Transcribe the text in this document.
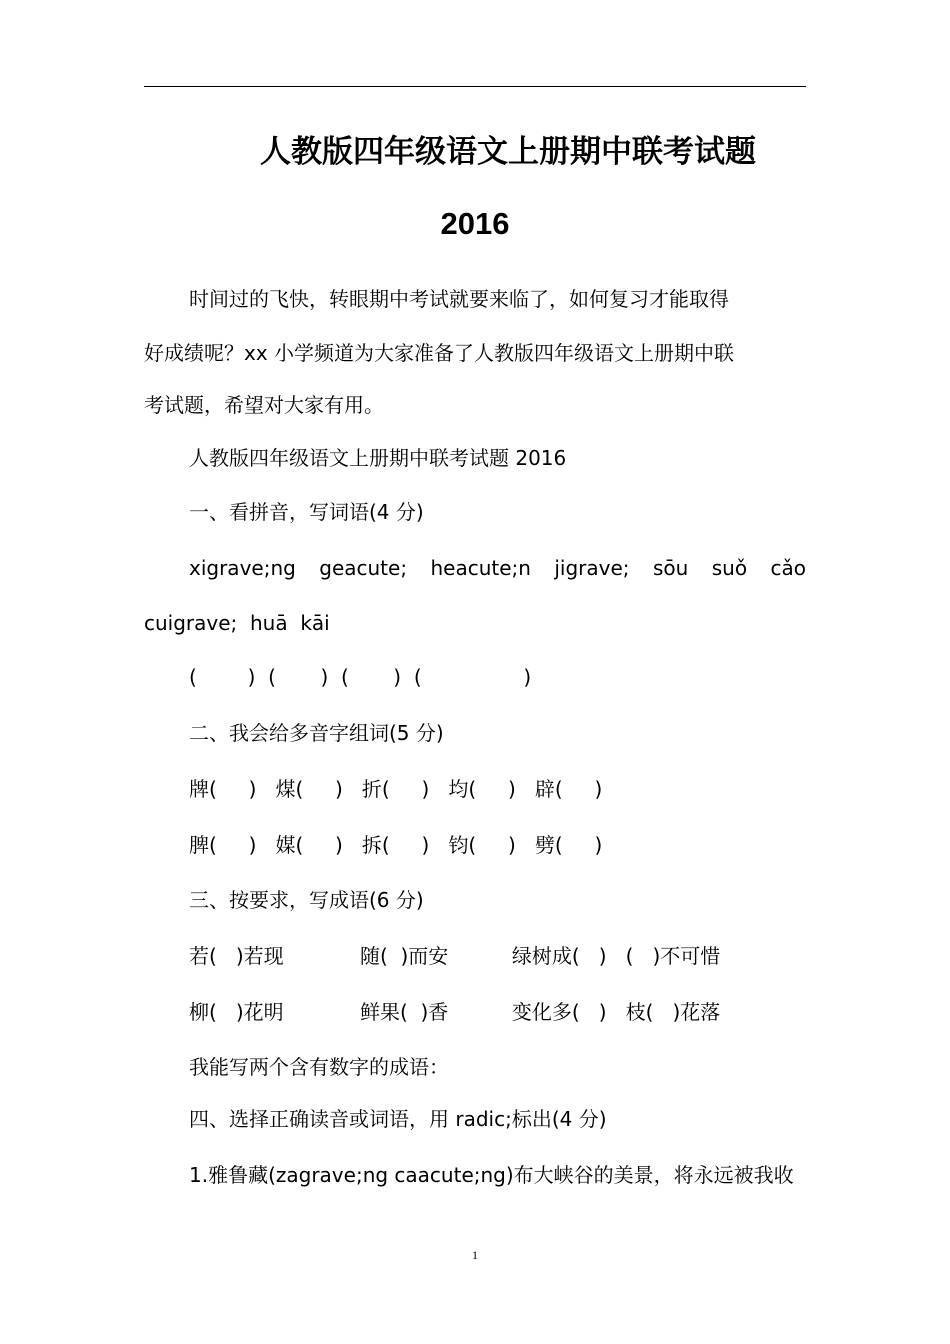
人教版四年级语文上册期中联考试题
2016
时间过的飞快，转眼期中考试就要来临了，如何复习才能取得
好成绩呢？xx 小学频道为大家准备了人教版四年级语文上册期中联
考试题，希望对大家有用。
人教版四年级语文上册期中联考试题 2016
一、看拼音，写词语(4 分)
xigrave;ng geacute; heacute;n jigrave; sōu suǒ cǎo
cuigrave;  huā  kāi
(        )  (       )  (       )  (                )
二、我会给多音字组词(5 分)
牌(     )   煤(     )   折(     )   均(     )   辟(     )
脾(     )   媒(     )   拆(     )   钧(     )   劈(     )
三、按要求，写成语(6 分)
若(   )若现            随(  )而安          绿树成(   )   (   )不可惜
柳(   )花明            鲜果(  )香          变化多(   )   枝(   )花落
我能写两个含有数字的成语：
四、选择正确读音或词语，用 radic;标出(4 分)
1.雅鲁藏(zagrave;ng caacute;ng)布大峡谷的美景，将永远被我收
1
